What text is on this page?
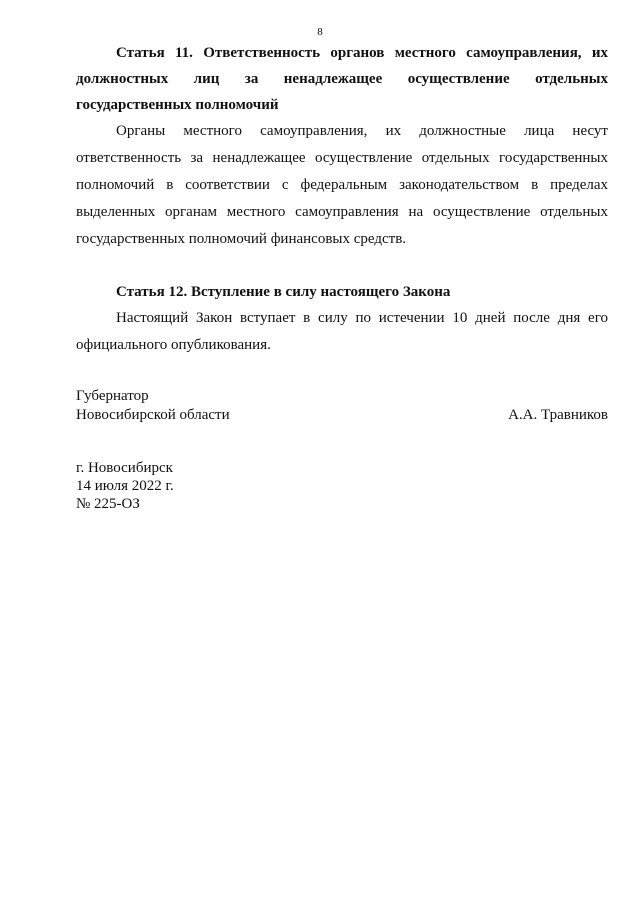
8

Статья 11. Ответственность органов местного самоуправления, их должностных лиц за ненадлежащее осуществление отдельных государственных полномочий

Органы местного самоуправления, их должностные лица несут ответственность за ненадлежащее осуществление отдельных государственных полномочий в соответствии с федеральным законодательством в пределах выделенных органам местного самоуправления на осуществление отдельных государственных полномочий финансовых средств.

Статья 12. Вступление в силу настоящего Закона

Настоящий Закон вступает в силу по истечении 10 дней после дня его официального опубликования.

Губернатор
Новосибирской области	А.А. Травников
г. Новосибирск
14 июля 2022 г.
№ 225-ОЗ
